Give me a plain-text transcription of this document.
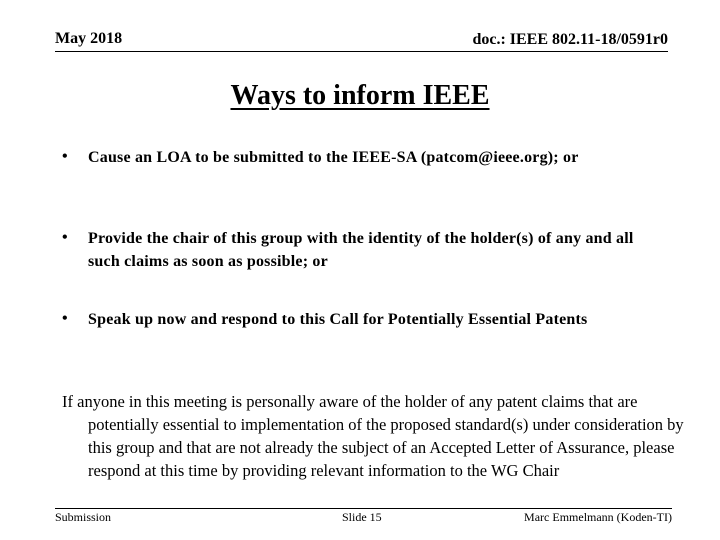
May 2018	doc.: IEEE 802.11-18/0591r0
Ways to inform IEEE
• Cause an LOA to be submitted to the IEEE-SA (patcom@ieee.org); or
• Provide the chair of this group with the identity of the holder(s) of any and all such claims as soon as possible; or
• Speak up now and respond to this Call for Potentially Essential Patents
If anyone in this meeting is personally aware of the holder of any patent claims that are potentially essential to implementation of the proposed standard(s) under consideration by this group and that are not already the subject of an Accepted Letter of Assurance, please respond at this time by providing relevant information to the WG Chair
Submission	Slide 15	Marc Emmelmann (Koden-TI)
